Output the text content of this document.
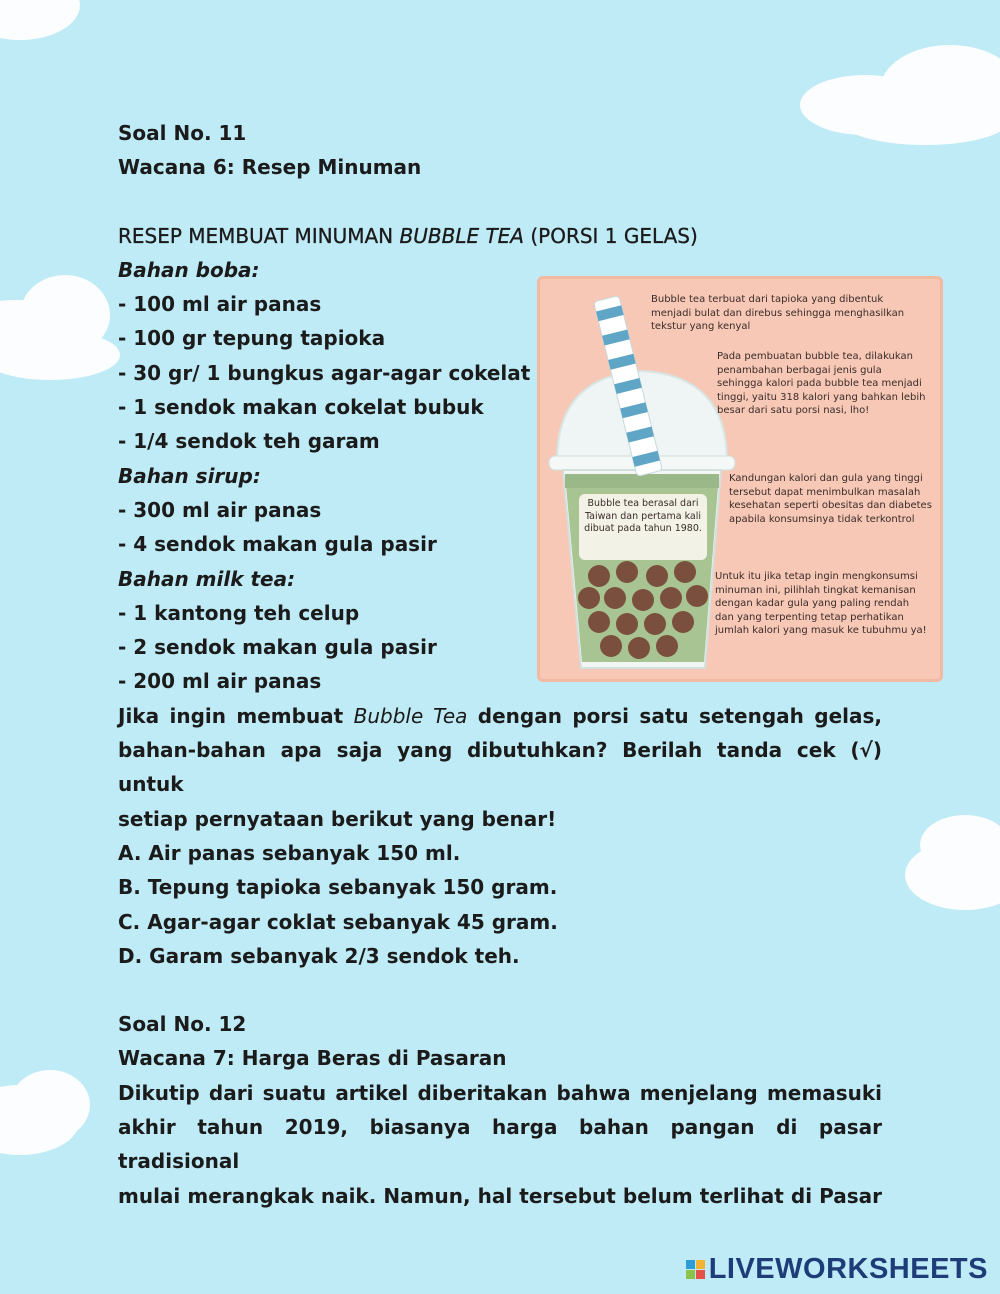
Soal No. 11

Wacana 6: Resep Minuman

RESEP MEMBUAT MINUMAN BUBBLE TEA (PORSI 1 GELAS)

Bahan boba:

- 100 ml air panas

- 100 gr tepung tapioka

- 30 gr/ 1 bungkus agar-agar cokelat

- 1 sendok makan cokelat bubuk

- 1/4 sendok teh garam

Bahan sirup:

- 300 ml air panas

- 4 sendok makan gula pasir

Bahan milk tea:

- 1 kantong teh celup

- 2 sendok makan gula pasir

- 200 ml air panas

Jika ingin membuat Bubble Tea dengan porsi satu setengah gelas,

bahan-bahan apa saja yang dibutuhkan? Berilah tanda cek (√) untuk

setiap pernyataan berikut yang benar!

A. Air panas sebanyak 150 ml.

B. Tepung tapioka sebanyak 150 gram.

C. Agar-agar coklat sebanyak 45 gram.

D. Garam sebanyak 2/3 sendok teh.

Soal No. 12

Wacana 7: Harga Beras di Pasaran

Dikutip dari suatu artikel diberitakan bahwa menjelang memasuki

akhir tahun 2019, biasanya harga bahan pangan di pasar tradisional

mulai merangkak naik. Namun, hal tersebut belum terlihat di Pasar

Bubble tea terbuat dari tapioka yang dibentuk menjadi bulat dan direbus sehingga menghasilkan tekstur yang kenyal
Pada pembuatan bubble tea, dilakukan penambahan berbagai jenis gula sehingga kalori pada bubble tea menjadi tinggi, yaitu 318 kalori yang bahkan lebih besar dari satu porsi nasi, lho!
Kandungan kalori dan gula yang tinggi tersebut dapat menimbulkan masalah kesehatan seperti obesitas dan diabetes apabila konsumsinya tidak terkontrol
Untuk itu jika tetap ingin mengkonsumsi minuman ini, pilihlah tingkat kemanisan dengan kadar gula yang paling rendah dan yang terpenting tetap perhatikan jumlah kalori yang masuk ke tubuhmu ya!
Bubble tea berasal dari Taiwan dan pertama kali dibuat pada tahun 1980.
LIVEWORKSHEETS
